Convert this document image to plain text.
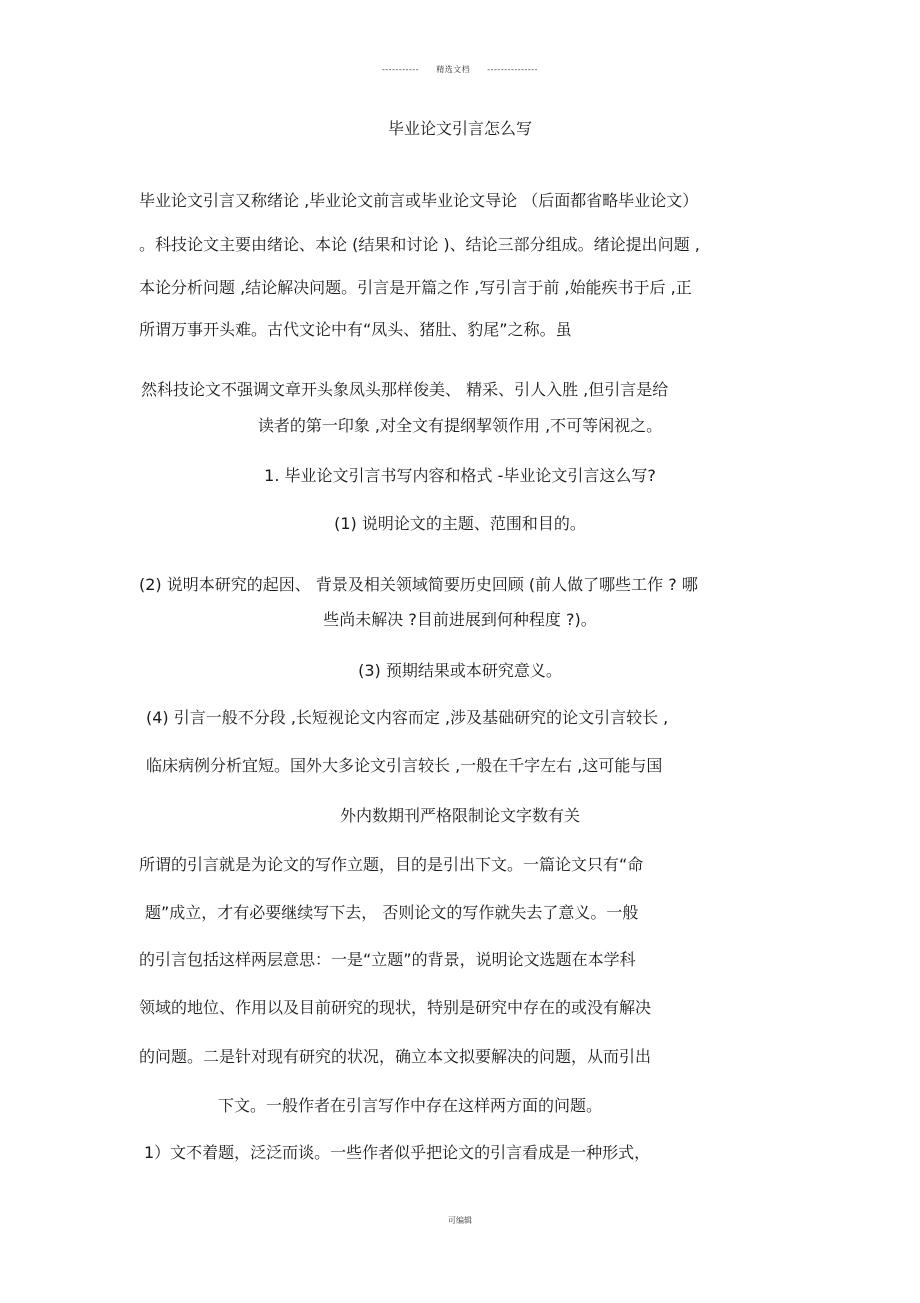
----------- 精选文档 ---------------
毕业论文引言怎么写
毕业论文引言又称绪论 ,毕业论文前言或毕业论文导论 （后面都省略毕业论文）
。科技论文主要由绪论、本论 (结果和讨论 )、结论三部分组成。绪论提出问题 ,
本论分析问题 ,结论解决问题。引言是开篇之作 ,写引言于前 ,始能疾书于后 ,正
所谓万事开头难。古代文论中有“凤头、猪肚、豹尾”之称。虽
然科技论文不强调文章开头象凤头那样俊美、 精采、引人入胜 ,但引言是给
读者的第一印象 ,对全文有提纲挈领作用 ,不可等闲视之。
1. 毕业论文引言书写内容和格式 -毕业论文引言这么写?
(1) 说明论文的主题、范围和目的。
(2) 说明本研究的起因、 背景及相关领域简要历史回顾 (前人做了哪些工作 ? 哪
些尚未解决 ?目前进展到何种程度 ?)。
(3) 预期结果或本研究意义。
(4) 引言一般不分段 ,长短视论文内容而定 ,涉及基础研究的论文引言较长 ,
临床病例分析宜短。国外大多论文引言较长 ,一般在千字左右 ,这可能与国
外内数期刊严格限制论文字数有关
所谓的引言就是为论文的写作立题，目的是引出下文。一篇论文只有“命
题”成立，才有必要继续写下去， 否则论文的写作就失去了意义。一般
的引言包括这样两层意思：一是“立题”的背景，说明论文选题在本学科
领域的地位、作用以及目前研究的现状，特别是研究中存在的或没有解决
的问题。二是针对现有研究的状况，确立本文拟要解决的问题，从而引出
下文。一般作者在引言写作中存在这样两方面的问题。
1）文不着题，泛泛而谈。一些作者似乎把论文的引言看成是一种形式，
可编辑
